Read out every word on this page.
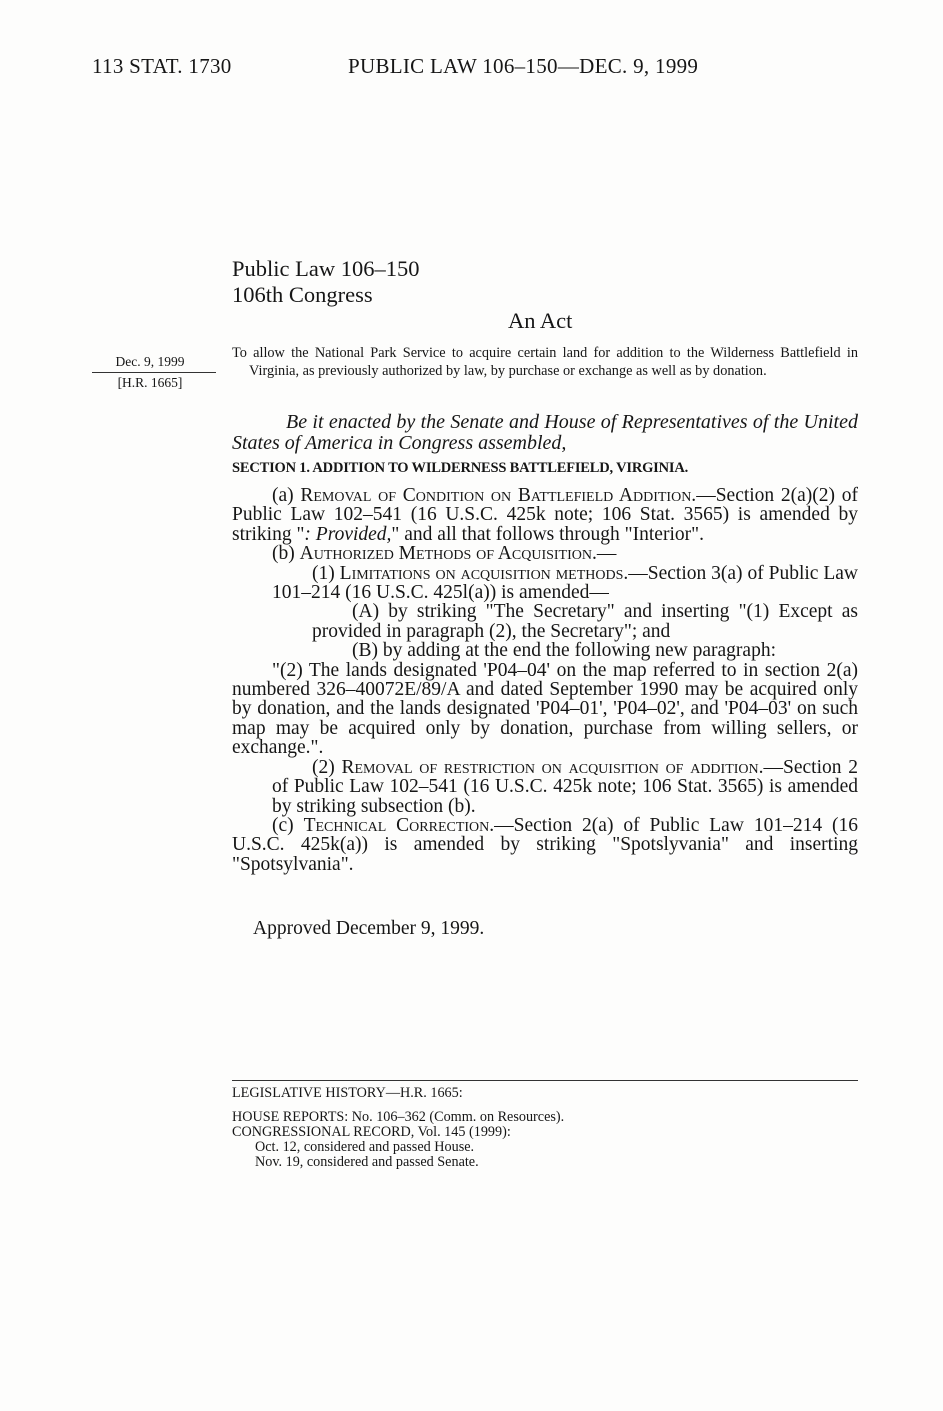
113 STAT. 1730	PUBLIC LAW 106–150—DEC. 9, 1999
Public Law 106–150
106th Congress
An Act
Dec. 9, 1999
[H.R. 1665]

To allow the National Park Service to acquire certain land for addition to the Wilderness Battlefield in Virginia, as previously authorized by law, by purchase or exchange as well as by donation.

Be it enacted by the Senate and House of Representatives of the United States of America in Congress assembled,
SECTION 1. ADDITION TO WILDERNESS BATTLEFIELD, VIRGINIA.

(a) Removal of Condition on Battlefield Addition.—Section 2(a)(2) of Public Law 102–541 (16 U.S.C. 425k note; 106 Stat. 3565) is amended by striking ": Provided," and all that follows through "Interior".

(b) Authorized Methods of Acquisition.—

(1) Limitations on acquisition methods.—Section 3(a) of Public Law 101–214 (16 U.S.C. 425l(a)) is amended—

(A) by striking "The Secretary" and inserting "(1) Except as provided in paragraph (2), the Secretary"; and

(B) by adding at the end the following new paragraph:

"(2) The lands designated 'P04–04' on the map referred to in section 2(a) numbered 326–40072E/89/A and dated September 1990 may be acquired only by donation, and the lands designated 'P04–01', 'P04–02', and 'P04–03' on such map may be acquired only by donation, purchase from willing sellers, or exchange.".

(2) Removal of restriction on acquisition of addition.—Section 2 of Public Law 102–541 (16 U.S.C. 425k note; 106 Stat. 3565) is amended by striking subsection (b).

(c) Technical Correction.—Section 2(a) of Public Law 101–214 (16 U.S.C. 425k(a)) is amended by striking "Spotslyvania" and inserting "Spotsylvania".

Approved December 9, 1999.
LEGISLATIVE HISTORY—H.R. 1665:
HOUSE REPORTS: No. 106–362 (Comm. on Resources).
CONGRESSIONAL RECORD, Vol. 145 (1999):
Oct. 12, considered and passed House.
Nov. 19, considered and passed Senate.
